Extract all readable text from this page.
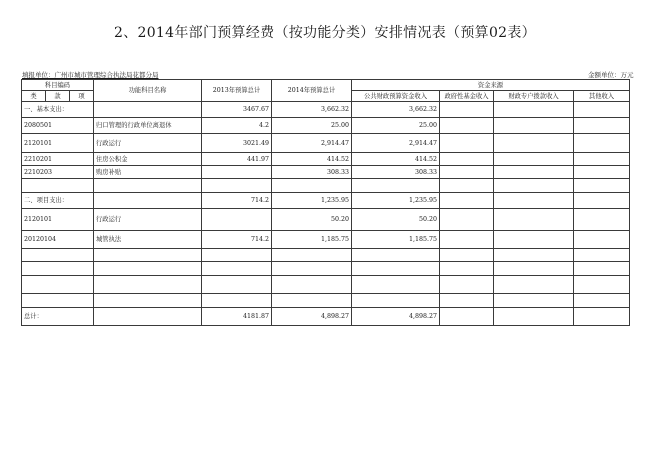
2、2014年部门预算经费（按功能分类）安排情况表（预算02表）
填报单位：广州市城市管理综合执法局花都分局	金额单位：万元
科目编码			功能科目名称	2013年预算总计	2014年预算总计	资金来源			
类	款	项				公共财政预算资金收入	政府性基金收入	财政专户拨款收入	其他收入

一、基本支出：				3467.67	3,662.32	3,662.32			
2080501			归口管理的行政单位离退休	4.2	25.00	25.00			
2120101			行政运行	3021.49	2,914.47	2,914.47			
2210201			住房公积金	441.97	414.52	414.52			
2210203			购房补贴		308.33	308.33			

二、项目支出：				714.2	1,235.95	1,235.95			
2120101			行政运行		50.20	50.20			
20120104			城管执法	714.2	1,185.75	1,185.75			

总计：				4181.87	4,898.27	4,898.27			
